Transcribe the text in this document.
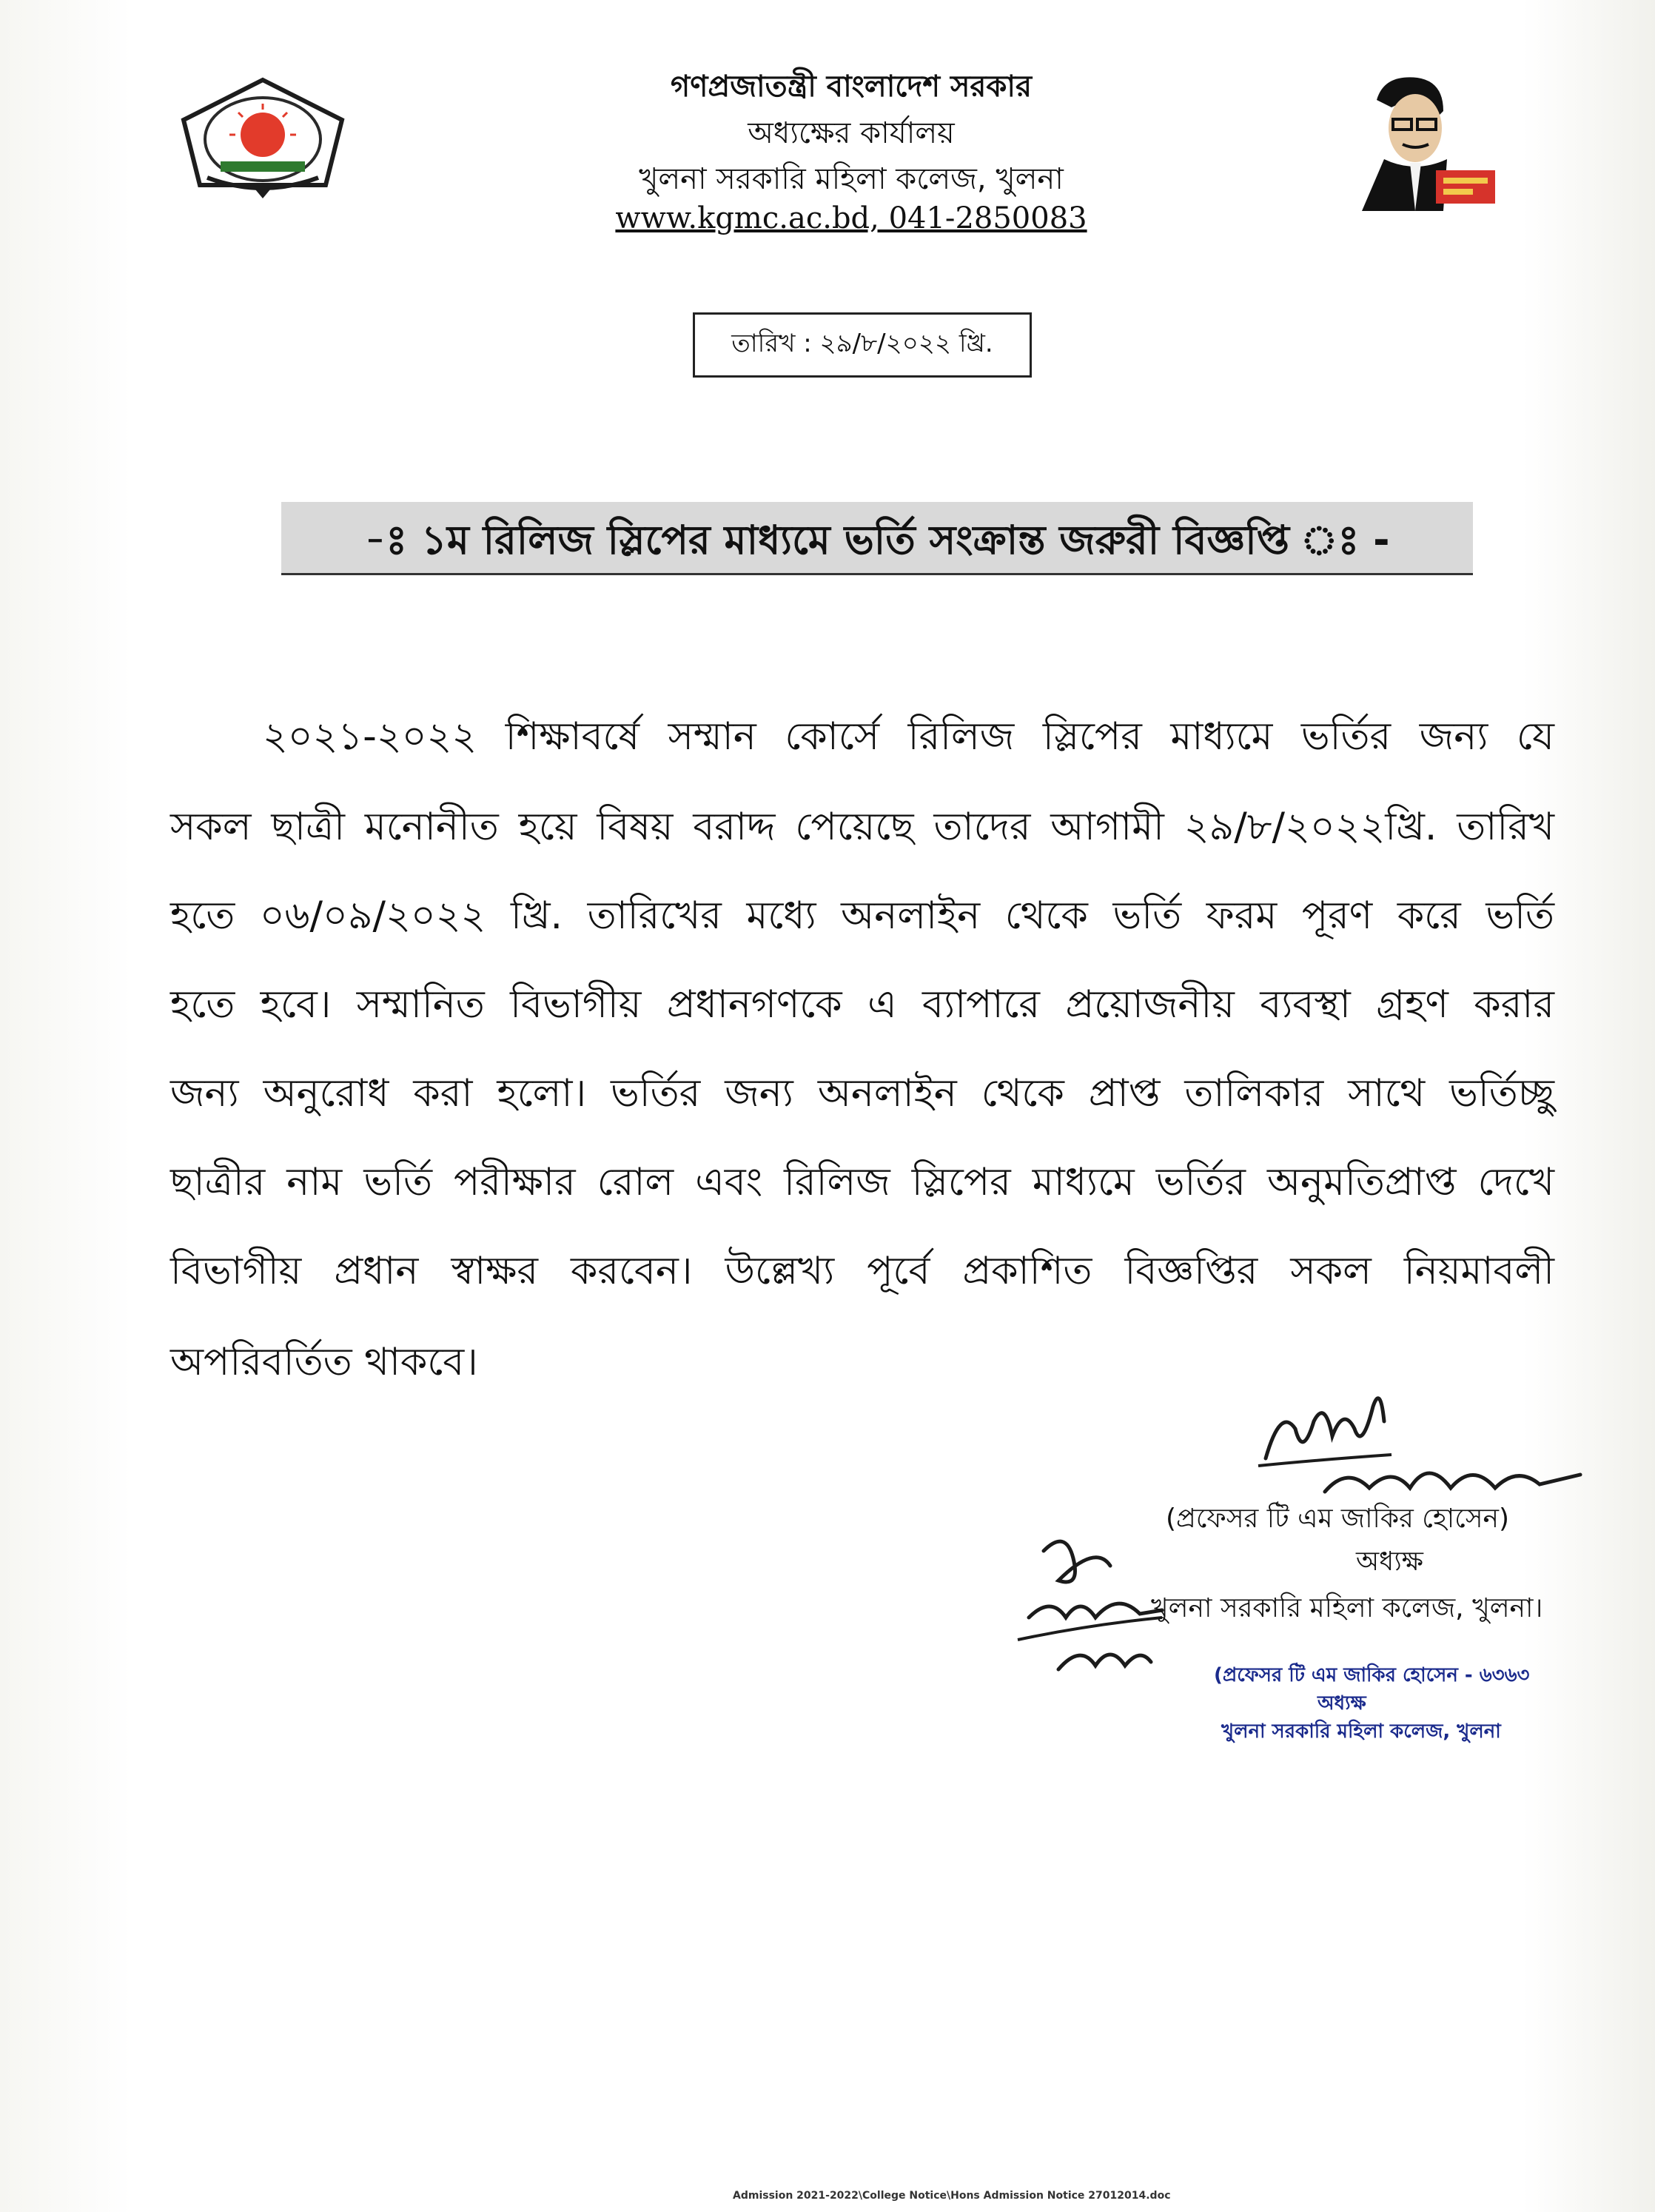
গণপ্রজাতন্ত্রী বাংলাদেশ সরকার
অধ্যক্ষের কার্যালয়
খুলনা সরকারি মহিলা কলেজ, খুলনা
www.kgmc.ac.bd, 041-2850083
তারিখ : ২৯/৮/২০২২ খ্রি.
-ঃ ১ম রিলিজ স্লিপের মাধ্যমে ভর্তি সংক্রান্ত জরুরী বিজ্ঞপ্তি ঃ -
২০২১-২০২২ শিক্ষাবর্ষে সম্মান কোর্সে রিলিজ স্লিপের মাধ্যমে ভর্তির জন্য যে
সকল ছাত্রী মনোনীত হয়ে বিষয় বরাদ্দ পেয়েছে তাদের আগামী ২৯/৮/২০২২খ্রি. তারিখ
হতে ০৬/০৯/২০২২ খ্রি. তারিখের মধ্যে অনলাইন থেকে ভর্তি ফরম পূরণ করে ভর্তি
হতে হবে। সম্মানিত বিভাগীয় প্রধানগণকে এ ব্যাপারে প্রয়োজনীয় ব্যবস্থা গ্রহণ করার
জন্য অনুরোধ করা হলো। ভর্তির জন্য অনলাইন থেকে প্রাপ্ত তালিকার সাথে ভর্তিচ্ছু
ছাত্রীর নাম ভর্তি পরীক্ষার রোল এবং রিলিজ স্লিপের মাধ্যমে ভর্তির অনুমতিপ্রাপ্ত দেখে
বিভাগীয় প্রধান স্বাক্ষর করবেন। উল্লেখ্য পূর্বে প্রকাশিত বিজ্ঞপ্তির সকল নিয়মাবলী
অপরিবর্তিত থাকবে।
(প্রফেসর টি এম জাকির হোসেন)
অধ্যক্ষ
খুলনা সরকারি মহিলা কলেজ, খুলনা।
(প্রফেসর টি এম জাকির হোসেন - ৬৩৬৩
অধ্যক্ষ
খুলনা সরকারি মহিলা কলেজ, খুলনা
Admission 2021-2022\College Notice\Hons Admission Notice 27012014.doc
